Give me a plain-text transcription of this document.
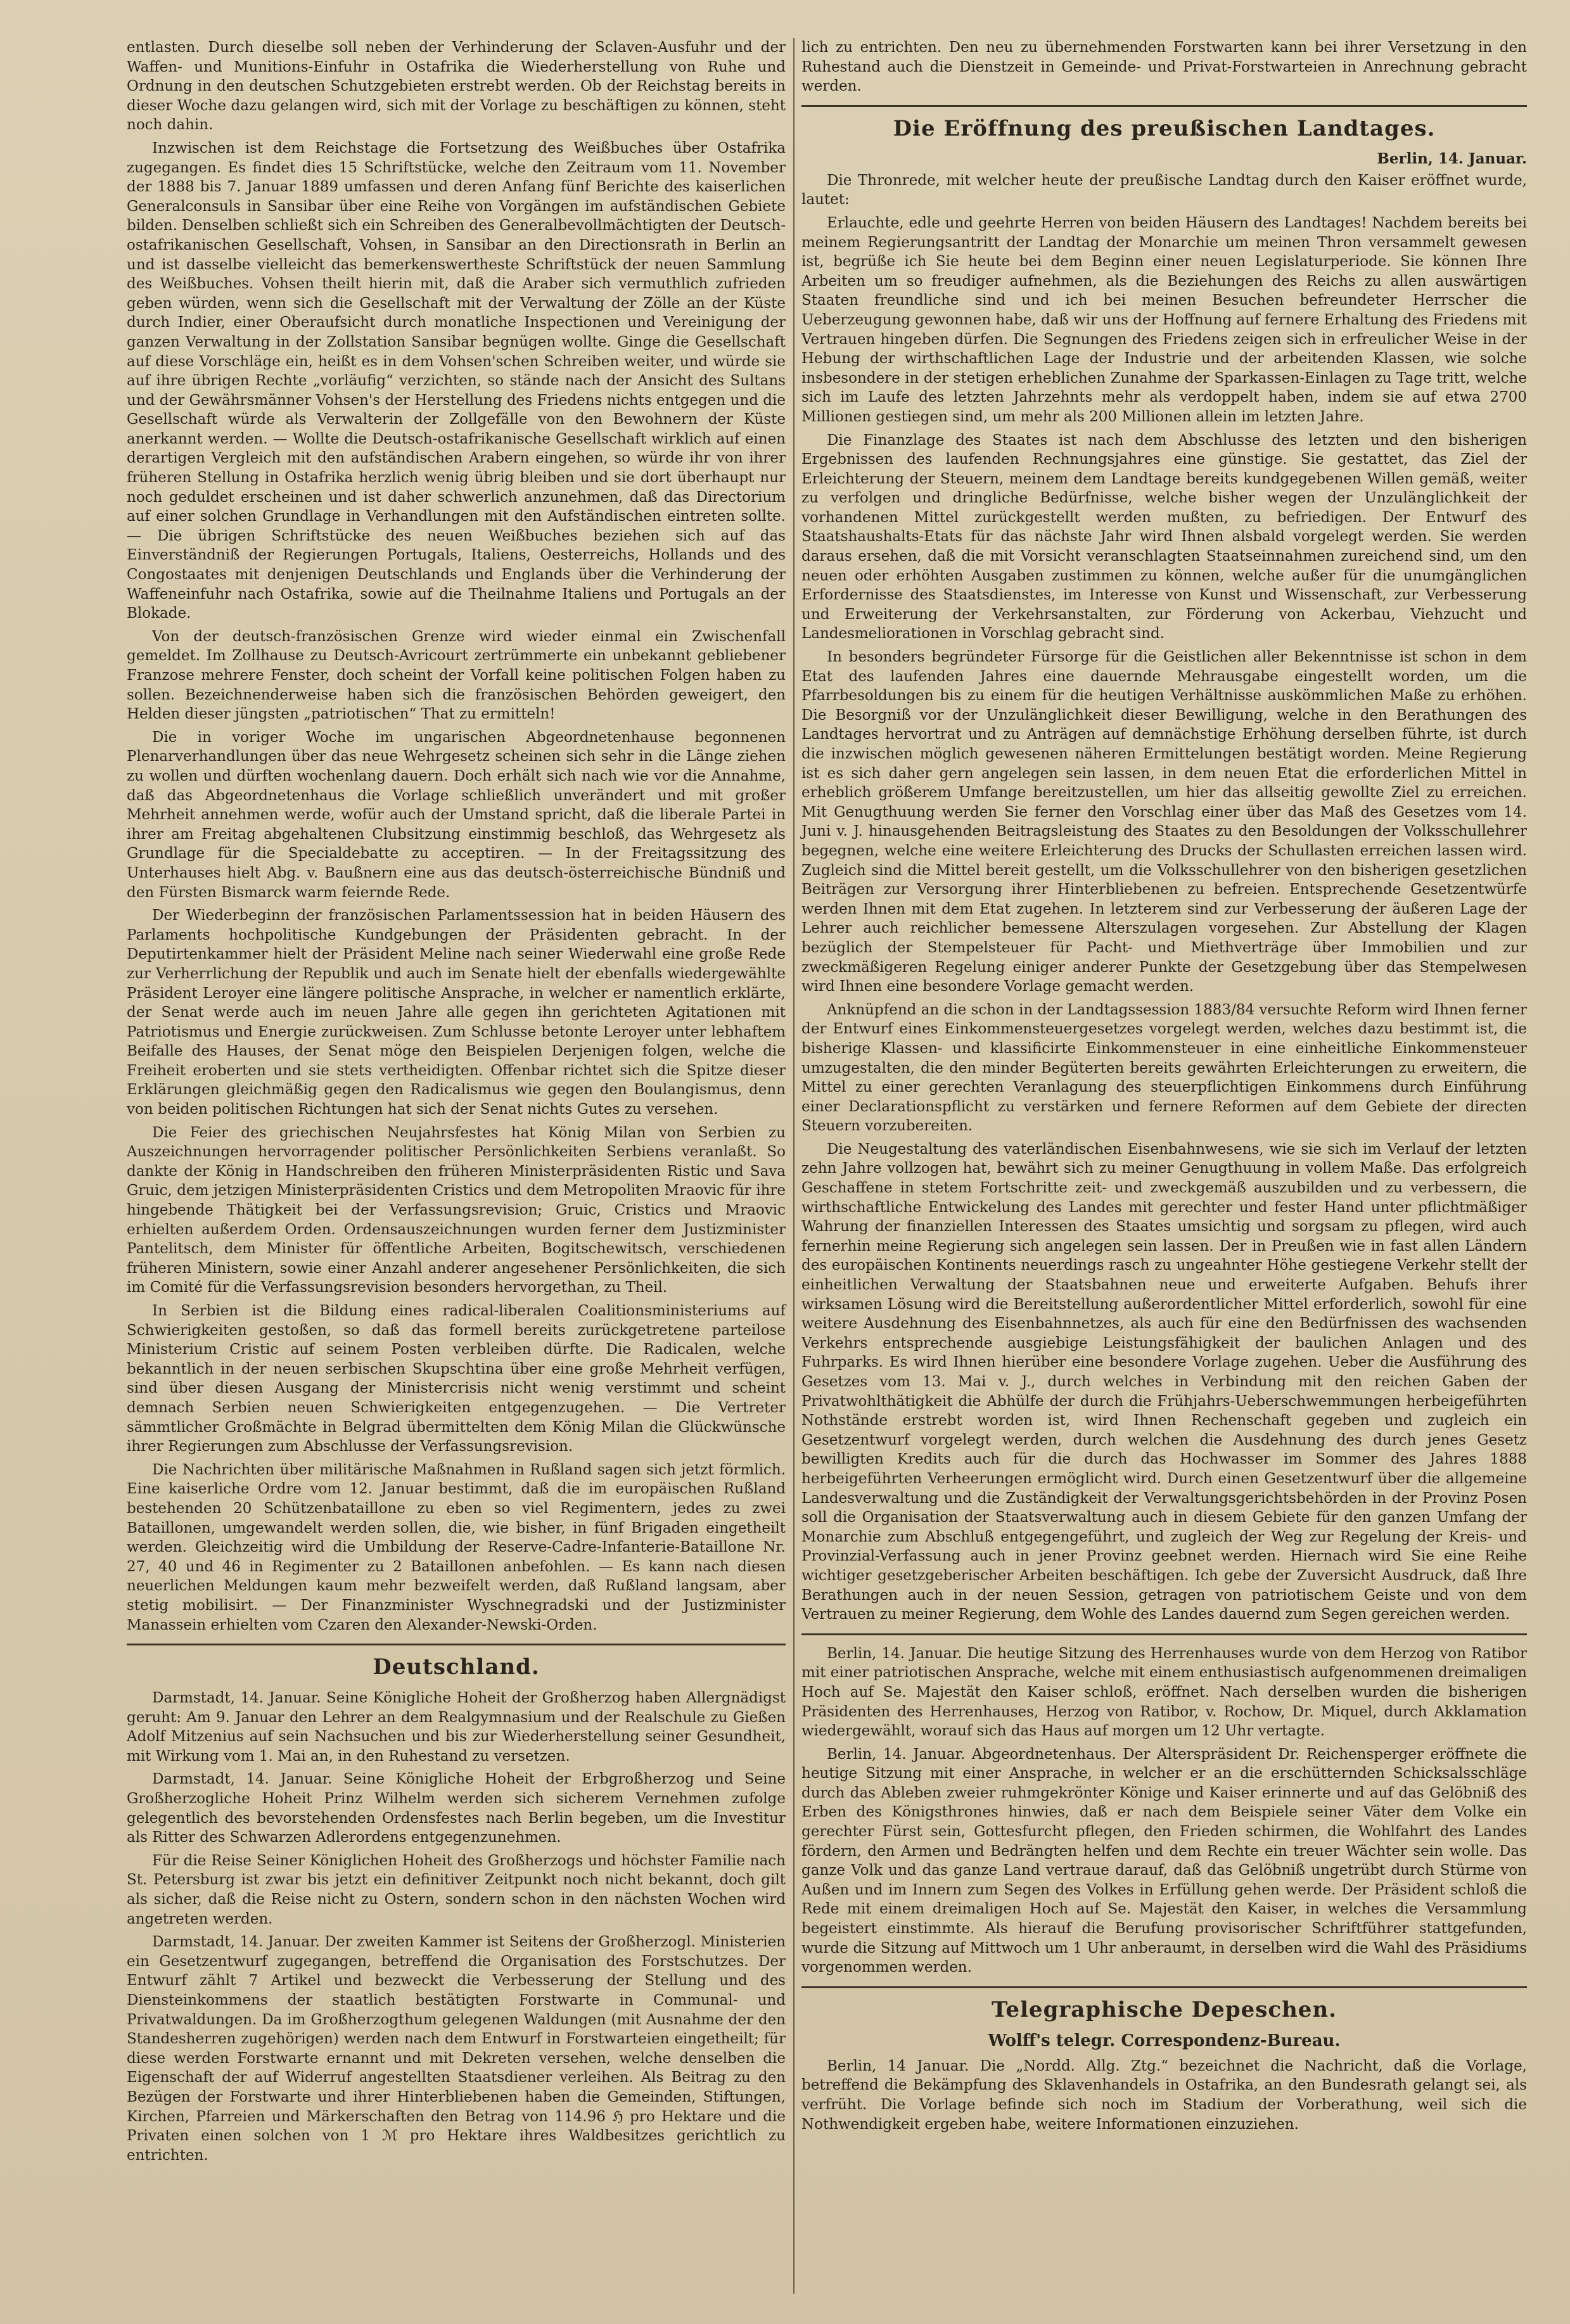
entlasten. Durch dieselbe soll neben der Verhinderung der Sclaven-Ausfuhr und der Waffen- und Munitions-Einfuhr in Ostafrika die Wiederherstellung von Ruhe und Ordnung in den deutschen Schutzgebieten erstrebt werden. Ob der Reichstag bereits in dieser Woche dazu gelangen wird, sich mit der Vorlage zu beschäftigen zu können, steht noch dahin.

Inzwischen ist dem Reichstage die Fortsetzung des Weißbuches über Ostafrika zugegangen. Es findet dies 15 Schriftstücke, welche den Zeitraum vom 11. November der 1888 bis 7. Januar 1889 umfassen und deren Anfang fünf Berichte des kaiserlichen Generalconsuls in Sansibar über eine Reihe von Vorgängen im aufständischen Gebiete bilden. Denselben schließt sich ein Schreiben des Generalbevollmächtigten der Deutsch-ostafrikanischen Gesellschaft, Vohsen, in Sansibar an den Directionsrath in Berlin an und ist dasselbe vielleicht das bemerkenswertheste Schriftstück der neuen Sammlung des Weißbuches. Vohsen theilt hierin mit, daß die Araber sich vermuthlich zufrieden geben würden, wenn sich die Gesellschaft mit der Verwaltung der Zölle an der Küste durch Indier, einer Oberaufsicht durch monatliche Inspectionen und Vereinigung der ganzen Verwaltung in der Zollstation Sansibar begnügen wollte. Ginge die Gesellschaft auf diese Vorschläge ein, heißt es in dem Vohsen'schen Schreiben weiter, und würde sie auf ihre übrigen Rechte „vorläufig“ verzichten, so stände nach der Ansicht des Sultans und der Gewährsmänner Vohsen's der Herstellung des Friedens nichts entgegen und die Gesellschaft würde als Verwalterin der Zollgefälle von den Bewohnern der Küste anerkannt werden. — Wollte die Deutsch-ostafrikanische Gesellschaft wirklich auf einen derartigen Vergleich mit den aufständischen Arabern eingehen, so würde ihr von ihrer früheren Stellung in Ostafrika herzlich wenig übrig bleiben und sie dort überhaupt nur noch geduldet erscheinen und ist daher schwerlich anzunehmen, daß das Directorium auf einer solchen Grundlage in Verhandlungen mit den Aufständischen eintreten sollte. — Die übrigen Schriftstücke des neuen Weißbuches beziehen sich auf das Einverständniß der Regierungen Portugals, Italiens, Oesterreichs, Hollands und des Congostaates mit denjenigen Deutschlands und Englands über die Verhinderung der Waffeneinfuhr nach Ostafrika, sowie auf die Theilnahme Italiens und Portugals an der Blokade.

Von der deutsch-französischen Grenze wird wieder einmal ein Zwischenfall gemeldet. Im Zollhause zu Deutsch-Avricourt zertrümmerte ein unbekannt gebliebener Franzose mehrere Fenster, doch scheint der Vorfall keine politischen Folgen haben zu sollen. Bezeichnenderweise haben sich die französischen Behörden geweigert, den Helden dieser jüngsten „patriotischen“ That zu ermitteln!

Die in voriger Woche im ungarischen Abgeordnetenhause begonnenen Plenarverhandlungen über das neue Wehrgesetz scheinen sich sehr in die Länge ziehen zu wollen und dürften wochenlang dauern. Doch erhält sich nach wie vor die Annahme, daß das Abgeordnetenhaus die Vorlage schließlich unverändert und mit großer Mehrheit annehmen werde, wofür auch der Umstand spricht, daß die liberale Partei in ihrer am Freitag abgehaltenen Clubsitzung einstimmig beschloß, das Wehrgesetz als Grundlage für die Specialdebatte zu acceptiren. — In der Freitagssitzung des Unterhauses hielt Abg. v. Baußnern eine aus das deutsch-österreichische Bündniß und den Fürsten Bismarck warm feiernde Rede.

Der Wiederbeginn der französischen Parlamentssession hat in beiden Häusern des Parlaments hochpolitische Kundgebungen der Präsidenten gebracht. In der Deputirtenkammer hielt der Präsident Meline nach seiner Wiederwahl eine große Rede zur Verherrlichung der Republik und auch im Senate hielt der ebenfalls wiedergewählte Präsident Leroyer eine längere politische Ansprache, in welcher er namentlich erklärte, der Senat werde auch im neuen Jahre alle gegen ihn gerichteten Agitationen mit Patriotismus und Energie zurückweisen. Zum Schlusse betonte Leroyer unter lebhaftem Beifalle des Hauses, der Senat möge den Beispielen Derjenigen folgen, welche die Freiheit eroberten und sie stets vertheidigten. Offenbar richtet sich die Spitze dieser Erklärungen gleichmäßig gegen den Radicalismus wie gegen den Boulangismus, denn von beiden politischen Richtungen hat sich der Senat nichts Gutes zu versehen.

Die Feier des griechischen Neujahrsfestes hat König Milan von Serbien zu Auszeichnungen hervorragender politischer Persönlichkeiten Serbiens veranlaßt. So dankte der König in Handschreiben den früheren Ministerpräsidenten Ristic und Sava Gruic, dem jetzigen Ministerpräsidenten Cristics und dem Metropoliten Mraovic für ihre hingebende Thätigkeit bei der Verfassungsrevision; Gruic, Cristics und Mraovic erhielten außerdem Orden. Ordensauszeichnungen wurden ferner dem Justizminister Pantelitsch, dem Minister für öffentliche Arbeiten, Bogitschewitsch, verschiedenen früheren Ministern, sowie einer Anzahl anderer angesehener Persönlichkeiten, die sich im Comité für die Verfassungsrevision besonders hervorgethan, zu Theil.

In Serbien ist die Bildung eines radical-liberalen Coalitionsministeriums auf Schwierigkeiten gestoßen, so daß das formell bereits zurückgetretene parteilose Ministerium Cristic auf seinem Posten verbleiben dürfte. Die Radicalen, welche bekanntlich in der neuen serbischen Skupschtina über eine große Mehrheit verfügen, sind über diesen Ausgang der Ministercrisis nicht wenig verstimmt und scheint demnach Serbien neuen Schwierigkeiten entgegenzugehen. — Die Vertreter sämmtlicher Großmächte in Belgrad übermittelten dem König Milan die Glückwünsche ihrer Regierungen zum Abschlusse der Verfassungsrevision.

Die Nachrichten über militärische Maßnahmen in Rußland sagen sich jetzt förmlich. Eine kaiserliche Ordre vom 12. Januar bestimmt, daß die im europäischen Rußland bestehenden 20 Schützenbataillone zu eben so viel Regimentern, jedes zu zwei Bataillonen, umgewandelt werden sollen, die, wie bisher, in fünf Brigaden eingetheilt werden. Gleichzeitig wird die Umbildung der Reserve-Cadre-Infanterie-Bataillone Nr. 27, 40 und 46 in Regimenter zu 2 Bataillonen anbefohlen. — Es kann nach diesen neuerlichen Meldungen kaum mehr bezweifelt werden, daß Rußland langsam, aber stetig mobilisirt. — Der Finanzminister Wyschnegradski und der Justizminister Manassein erhielten vom Czaren den Alexander-Newski-Orden.

Deutschland.

Darmstadt, 14. Januar. Seine Königliche Hoheit der Großherzog haben Allergnädigst geruht: Am 9. Januar den Lehrer an dem Realgymnasium und der Realschule zu Gießen Adolf Mitzenius auf sein Nachsuchen und bis zur Wiederherstellung seiner Gesundheit, mit Wirkung vom 1. Mai an, in den Ruhestand zu versetzen.

Darmstadt, 14. Januar. Seine Königliche Hoheit der Erbgroßherzog und Seine Großherzogliche Hoheit Prinz Wilhelm werden sich sicherem Vernehmen zufolge gelegentlich des bevorstehenden Ordensfestes nach Berlin begeben, um die Investitur als Ritter des Schwarzen Adlerordens entgegenzunehmen.

Für die Reise Seiner Königlichen Hoheit des Großherzogs und höchster Familie nach St. Petersburg ist zwar bis jetzt ein definitiver Zeitpunkt noch nicht bekannt, doch gilt als sicher, daß die Reise nicht zu Ostern, sondern schon in den nächsten Wochen wird angetreten werden.

Darmstadt, 14. Januar. Der zweiten Kammer ist Seitens der Großherzogl. Ministerien ein Gesetzentwurf zugegangen, betreffend die Organisation des Forstschutzes. Der Entwurf zählt 7 Artikel und bezweckt die Verbesserung der Stellung und des Diensteinkommens der staatlich bestätigten Forstwarte in Communal- und Privatwaldungen. Da im Großherzogthum gelegenen Waldungen (mit Ausnahme der den Standesherren zugehörigen) werden nach dem Entwurf in Forstwarteien eingetheilt; für diese werden Forstwarte ernannt und mit Dekreten versehen, welche denselben die Eigenschaft der auf Widerruf angestellten Staatsdiener verleihen. Als Beitrag zu den Bezügen der Forstwarte und ihrer Hinterbliebenen haben die Gemeinden, Stiftungen, Kirchen, Pfarreien und Märkerschaften den Betrag von 114.96 ℌ pro Hektare und die Privaten einen solchen von 1 ℳ pro Hektare ihres Waldbesitzes gerichtlich zu entrichten.

lich zu entrichten. Den neu zu übernehmenden Forstwarten kann bei ihrer Versetzung in den Ruhestand auch die Dienstzeit in Gemeinde- und Privat-Forstwarteien in Anrechnung gebracht werden.

Die Eröffnung des preußischen Landtages.
Berlin, 14. Januar.

Die Thronrede, mit welcher heute der preußische Landtag durch den Kaiser eröffnet wurde, lautet:

Erlauchte, edle und geehrte Herren von beiden Häusern des Landtages! Nachdem bereits bei meinem Regierungsantritt der Landtag der Monarchie um meinen Thron versammelt gewesen ist, begrüße ich Sie heute bei dem Beginn einer neuen Legislaturperiode. Sie können Ihre Arbeiten um so freudiger aufnehmen, als die Beziehungen des Reichs zu allen auswärtigen Staaten freundliche sind und ich bei meinen Besuchen befreundeter Herrscher die Ueberzeugung gewonnen habe, daß wir uns der Hoffnung auf fernere Erhaltung des Friedens mit Vertrauen hingeben dürfen. Die Segnungen des Friedens zeigen sich in erfreulicher Weise in der Hebung der wirthschaftlichen Lage der Industrie und der arbeitenden Klassen, wie solche insbesondere in der stetigen erheblichen Zunahme der Sparkassen-Einlagen zu Tage tritt, welche sich im Laufe des letzten Jahrzehnts mehr als verdoppelt haben, indem sie auf etwa 2700 Millionen gestiegen sind, um mehr als 200 Millionen allein im letzten Jahre.

Die Finanzlage des Staates ist nach dem Abschlusse des letzten und den bisherigen Ergebnissen des laufenden Rechnungsjahres eine günstige. Sie gestattet, das Ziel der Erleichterung der Steuern, meinem dem Landtage bereits kundgegebenen Willen gemäß, weiter zu verfolgen und dringliche Bedürfnisse, welche bisher wegen der Unzulänglichkeit der vorhandenen Mittel zurückgestellt werden mußten, zu befriedigen. Der Entwurf des Staatshaushalts-Etats für das nächste Jahr wird Ihnen alsbald vorgelegt werden. Sie werden daraus ersehen, daß die mit Vorsicht veranschlagten Staatseinnahmen zureichend sind, um den neuen oder erhöhten Ausgaben zustimmen zu können, welche außer für die unumgänglichen Erfordernisse des Staatsdienstes, im Interesse von Kunst und Wissenschaft, zur Verbesserung und Erweiterung der Verkehrsanstalten, zur Förderung von Ackerbau, Viehzucht und Landesmeliorationen in Vorschlag gebracht sind.

In besonders begründeter Fürsorge für die Geistlichen aller Bekenntnisse ist schon in dem Etat des laufenden Jahres eine dauernde Mehrausgabe eingestellt worden, um die Pfarrbesoldungen bis zu einem für die heutigen Verhältnisse auskömmlichen Maße zu erhöhen. Die Besorgniß vor der Unzulänglichkeit dieser Bewilligung, welche in den Berathungen des Landtages hervortrat und zu Anträgen auf demnächstige Erhöhung derselben führte, ist durch die inzwischen möglich gewesenen näheren Ermittelungen bestätigt worden. Meine Regierung ist es sich daher gern angelegen sein lassen, in dem neuen Etat die erforderlichen Mittel in erheblich größerem Umfange bereitzustellen, um hier das allseitig gewollte Ziel zu erreichen. Mit Genugthuung werden Sie ferner den Vorschlag einer über das Maß des Gesetzes vom 14. Juni v. J. hinausgehenden Beitragsleistung des Staates zu den Besoldungen der Volksschullehrer begegnen, welche eine weitere Erleichterung des Drucks der Schullasten erreichen lassen wird. Zugleich sind die Mittel bereit gestellt, um die Volksschullehrer von den bisherigen gesetzlichen Beiträgen zur Versorgung ihrer Hinterbliebenen zu befreien. Entsprechende Gesetzentwürfe werden Ihnen mit dem Etat zugehen. In letzterem sind zur Verbesserung der äußeren Lage der Lehrer auch reichlicher bemessene Alterszulagen vorgesehen. Zur Abstellung der Klagen bezüglich der Stempelsteuer für Pacht- und Miethverträge über Immobilien und zur zweckmäßigeren Regelung einiger anderer Punkte der Gesetzgebung über das Stempelwesen wird Ihnen eine besondere Vorlage gemacht werden.

Anknüpfend an die schon in der Landtagssession 1883/84 versuchte Reform wird Ihnen ferner der Entwurf eines Einkommensteuergesetzes vorgelegt werden, welches dazu bestimmt ist, die bisherige Klassen- und klassificirte Einkommensteuer in eine einheitliche Einkommensteuer umzugestalten, die den minder Begüterten bereits gewährten Erleichterungen zu erweitern, die Mittel zu einer gerechten Veranlagung des steuerpflichtigen Einkommens durch Einführung einer Declarationspflicht zu verstärken und fernere Reformen auf dem Gebiete der directen Steuern vorzubereiten.

Die Neugestaltung des vaterländischen Eisenbahnwesens, wie sie sich im Verlauf der letzten zehn Jahre vollzogen hat, bewährt sich zu meiner Genugthuung in vollem Maße. Das erfolgreich Geschaffene in stetem Fortschritte zeit- und zweckgemäß auszubilden und zu verbessern, die wirthschaftliche Entwickelung des Landes mit gerechter und fester Hand unter pflichtmäßiger Wahrung der finanziellen Interessen des Staates umsichtig und sorgsam zu pflegen, wird auch fernerhin meine Regierung sich angelegen sein lassen. Der in Preußen wie in fast allen Ländern des europäischen Kontinents neuerdings rasch zu ungeahnter Höhe gestiegene Verkehr stellt der einheitlichen Verwaltung der Staatsbahnen neue und erweiterte Aufgaben. Behufs ihrer wirksamen Lösung wird die Bereitstellung außerordentlicher Mittel erforderlich, sowohl für eine weitere Ausdehnung des Eisenbahnnetzes, als auch für eine den Bedürfnissen des wachsenden Verkehrs entsprechende ausgiebige Leistungsfähigkeit der baulichen Anlagen und des Fuhrparks. Es wird Ihnen hierüber eine besondere Vorlage zugehen. Ueber die Ausführung des Gesetzes vom 13. Mai v. J., durch welches in Verbindung mit den reichen Gaben der Privatwohlthätigkeit die Abhülfe der durch die Frühjahrs-Ueberschwemmungen herbeigeführten Nothstände erstrebt worden ist, wird Ihnen Rechenschaft gegeben und zugleich ein Gesetzentwurf vorgelegt werden, durch welchen die Ausdehnung des durch jenes Gesetz bewilligten Kredits auch für die durch das Hochwasser im Sommer des Jahres 1888 herbeigeführten Verheerungen ermöglicht wird. Durch einen Gesetzentwurf über die allgemeine Landesverwaltung und die Zuständigkeit der Verwaltungsgerichtsbehörden in der Provinz Posen soll die Organisation der Staatsverwaltung auch in diesem Gebiete für den ganzen Umfang der Monarchie zum Abschluß entgegengeführt, und zugleich der Weg zur Regelung der Kreis- und Provinzial-Verfassung auch in jener Provinz geebnet werden. Hiernach wird Sie eine Reihe wichtiger gesetzgeberischer Arbeiten beschäftigen. Ich gebe der Zuversicht Ausdruck, daß Ihre Berathungen auch in der neuen Session, getragen von patriotischem Geiste und von dem Vertrauen zu meiner Regierung, dem Wohle des Landes dauernd zum Segen gereichen werden.

Berlin, 14. Januar. Die heutige Sitzung des Herrenhauses wurde von dem Herzog von Ratibor mit einer patriotischen Ansprache, welche mit einem enthusiastisch aufgenommenen dreimaligen Hoch auf Se. Majestät den Kaiser schloß, eröffnet. Nach derselben wurden die bisherigen Präsidenten des Herrenhauses, Herzog von Ratibor, v. Rochow, Dr. Miquel, durch Akklamation wiedergewählt, worauf sich das Haus auf morgen um 12 Uhr vertagte.

Berlin, 14. Januar. Abgeordnetenhaus. Der Alterspräsident Dr. Reichensperger eröffnete die heutige Sitzung mit einer Ansprache, in welcher er an die erschütternden Schicksalsschläge durch das Ableben zweier ruhmgekrönter Könige und Kaiser erinnerte und auf das Gelöbniß des Erben des Königsthrones hinwies, daß er nach dem Beispiele seiner Väter dem Volke ein gerechter Fürst sein, Gottesfurcht pflegen, den Frieden schirmen, die Wohlfahrt des Landes fördern, den Armen und Bedrängten helfen und dem Rechte ein treuer Wächter sein wolle. Das ganze Volk und das ganze Land vertraue darauf, daß das Gelöbniß ungetrübt durch Stürme von Außen und im Innern zum Segen des Volkes in Erfüllung gehen werde. Der Präsident schloß die Rede mit einem dreimaligen Hoch auf Se. Majestät den Kaiser, in welches die Versammlung begeistert einstimmte. Als hierauf die Berufung provisorischer Schriftführer stattgefunden, wurde die Sitzung auf Mittwoch um 1 Uhr anberaumt, in derselben wird die Wahl des Präsidiums vorgenommen werden.

Telegraphische Depeschen.
Wolff's telegr. Correspondenz-Bureau.

Berlin, 14 Januar. Die „Nordd. Allg. Ztg.“ bezeichnet die Nachricht, daß die Vorlage, betreffend die Bekämpfung des Sklavenhandels in Ostafrika, an den Bundesrath gelangt sei, als verfrüht. Die Vorlage befinde sich noch im Stadium der Vorberathung, weil sich die Nothwendigkeit ergeben habe, weitere Informationen einzuziehen.
